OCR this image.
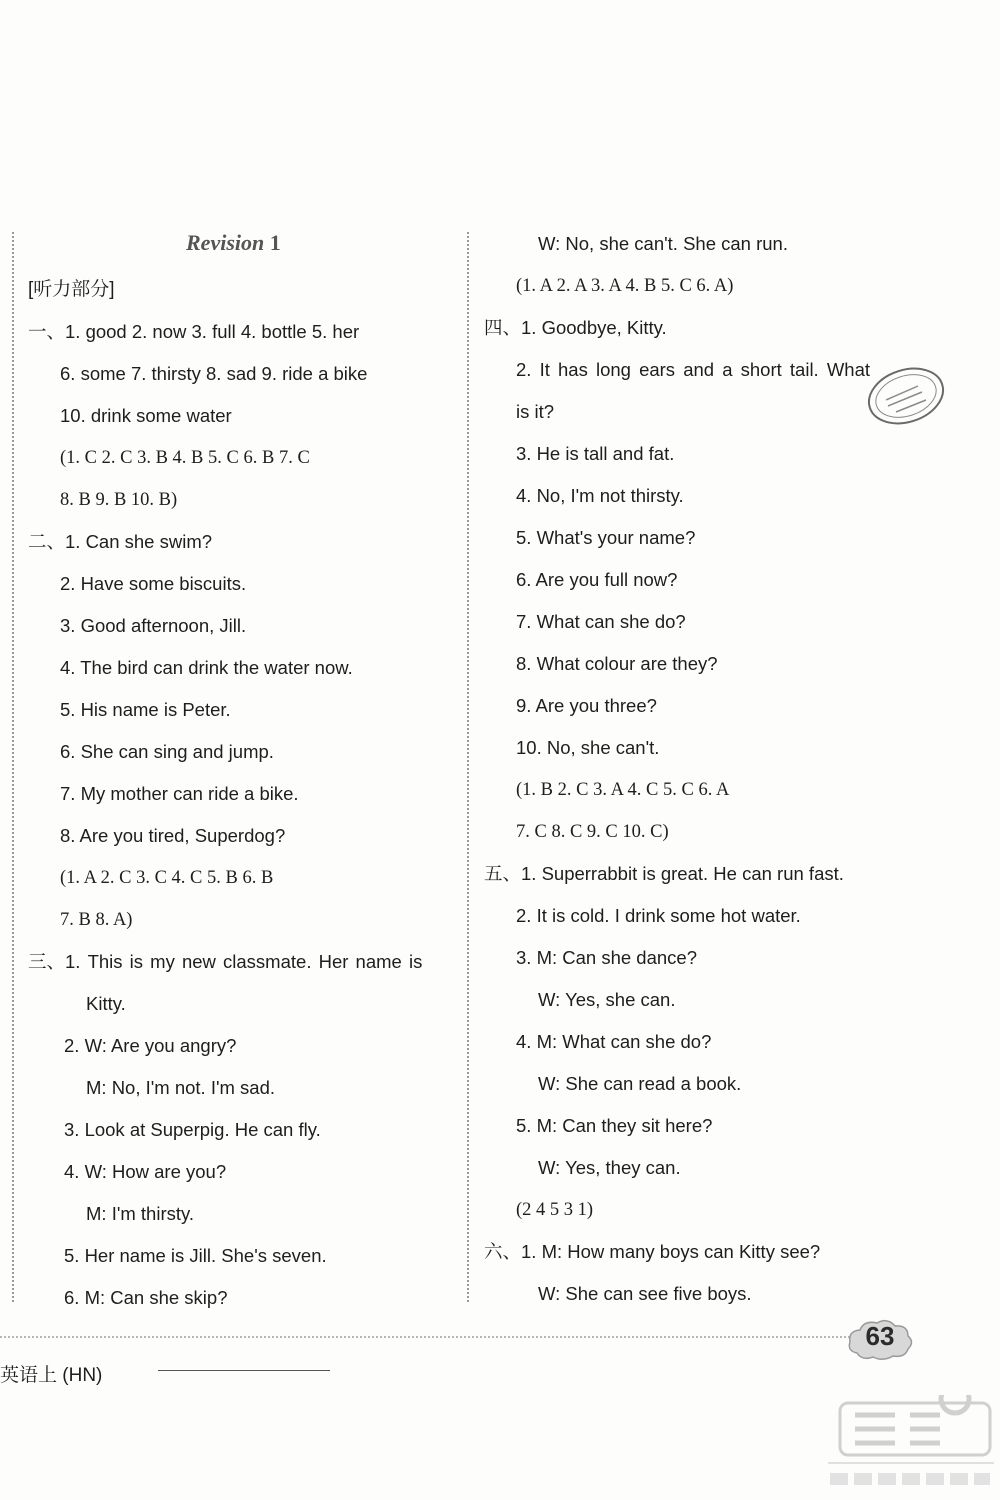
Revision 1
[听力部分]
一、1. good 2. now 3. full 4. bottle 5. her
6. some 7. thirsty 8. sad 9. ride a bike
10. drink some water
(1. C 2. C 3. B 4. B 5. C 6. B 7. C
8. B 9. B 10. B)
二、1. Can she swim?
2. Have some biscuits.
3. Good afternoon, Jill.
4. The bird can drink the water now.
5. His name is Peter.
6. She can sing and jump.
7. My mother can ride a bike.
8. Are you tired, Superdog?
(1. A 2. C 3. C 4. C 5. B 6. B
7. B 8. A)
三、1. This is my new classmate. Her name is
Kitty.
2. W: Are you angry?
M: No, I'm not. I'm sad.
3. Look at Superpig. He can fly.
4. W: How are you?
M: I'm thirsty.
5. Her name is Jill. She's seven.
6. M: Can she skip?
W: No, she can't. She can run.
(1. A 2. A 3. A 4. B 5. C 6. A)
四、1. Goodbye, Kitty.
2. It has long ears and a short tail. What
is it?
3. He is tall and fat.
4. No, I'm not thirsty.
5. What's your name?
6. Are you full now?
7. What can she do?
8. What colour are they?
9. Are you three?
10. No, she can't.
(1. B 2. C 3. A 4. C 5. C 6. A
7. C 8. C 9. C 10. C)
五、1. Superrabbit is great. He can run fast.
2. It is cold. I drink some hot water.
3. M: Can she dance?
W: Yes, she can.
4. M: What can she do?
W: She can read a book.
5. M: Can they sit here?
W: Yes, they can.
(2 4 5 3 1)
六、1. M: How many boys can Kitty see?
W: She can see five boys.
英语上 (HN)
63
